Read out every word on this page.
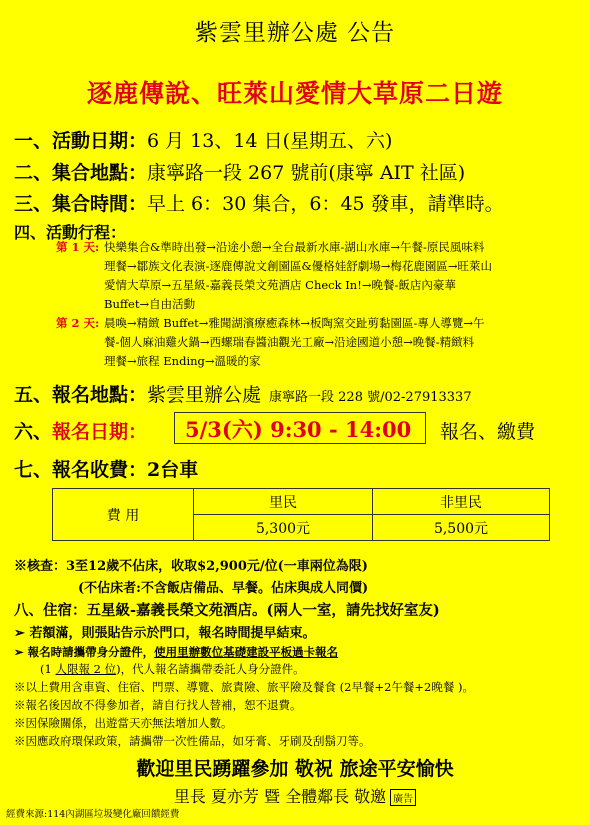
紫雲里辦公處 公告
逐鹿傳說、旺萊山愛情大草原二日遊
一、活動日期：6 月 13、14 日(星期五、六)
二、集合地點：康寧路一段 267 號前(康寧 AIT 社區)
三、集合時間：早上 6：30 集合，6：45 發車，請準時。
四、活動行程：
第 1 天: 快樂集合&準時出發→沿途小憩→全台最新水庫-湖山水庫→午餐-原民風味料
理餐→鄒族文化表演-逐鹿傳說文創園區&優格娃舒劇場→梅花鹿園區→旺萊山
愛情大草原→五星級-嘉義長榮文苑酒店 Check In!→晚餐-飯店內豪華
Buffet→自由活動
第 2 天: 晨喚→精緻 Buffet→雅聞湖濱療癒森林→板陶窯交趾剪黏園區-專人導覽→午
餐-個人麻油雞火鍋→西螺瑞春醬油觀光工廠→沿途國道小憩→晚餐-精緻料
理餐→旅程 Ending→溫暖的家
五、報名地點：紫雲里辦公處 康寧路一段 228 號/02-27913337
六、報名日期： 5/3(六) 9:30 - 14:00 報名、繳費
七、報名收費：2台車
費 用	里民	非里民
	5,300元	5,500元
※核查：3至12歲不佔床，收取$2,900元/位(一車兩位為限)
(不佔床者:不含飯店備品、早餐。佔床與成人同價)
八、住宿：五星級-嘉義長榮文苑酒店。(兩人一室，請先找好室友)
➢ 若額滿，則張貼告示於門口，報名時間提早結束。
➢ 報名時請攜帶身分證件，使用里辦數位基礎建設平板過卡報名
(1 人限報 2 位)，代人報名請攜帶委託人身分證件。
※以上費用含車資、住宿、門票、導覽、旅責險、旅平險及餐食 (2早餐+2午餐+2晚餐 )。
※報名後因故不得參加者，請自行找人替補，恕不退費。
※因保險關係，出遊當天亦無法增加人數。
※因應政府環保政策，請攜帶一次性備品，如牙膏、牙刷及刮鬍刀等。
歡迎里民踴躍參加 敬祝 旅途平安愉快
里長 夏亦芳 暨 全體鄰長 敬邀 廣告
經費來源:114內湖區垃圾變化廠回饋經費
